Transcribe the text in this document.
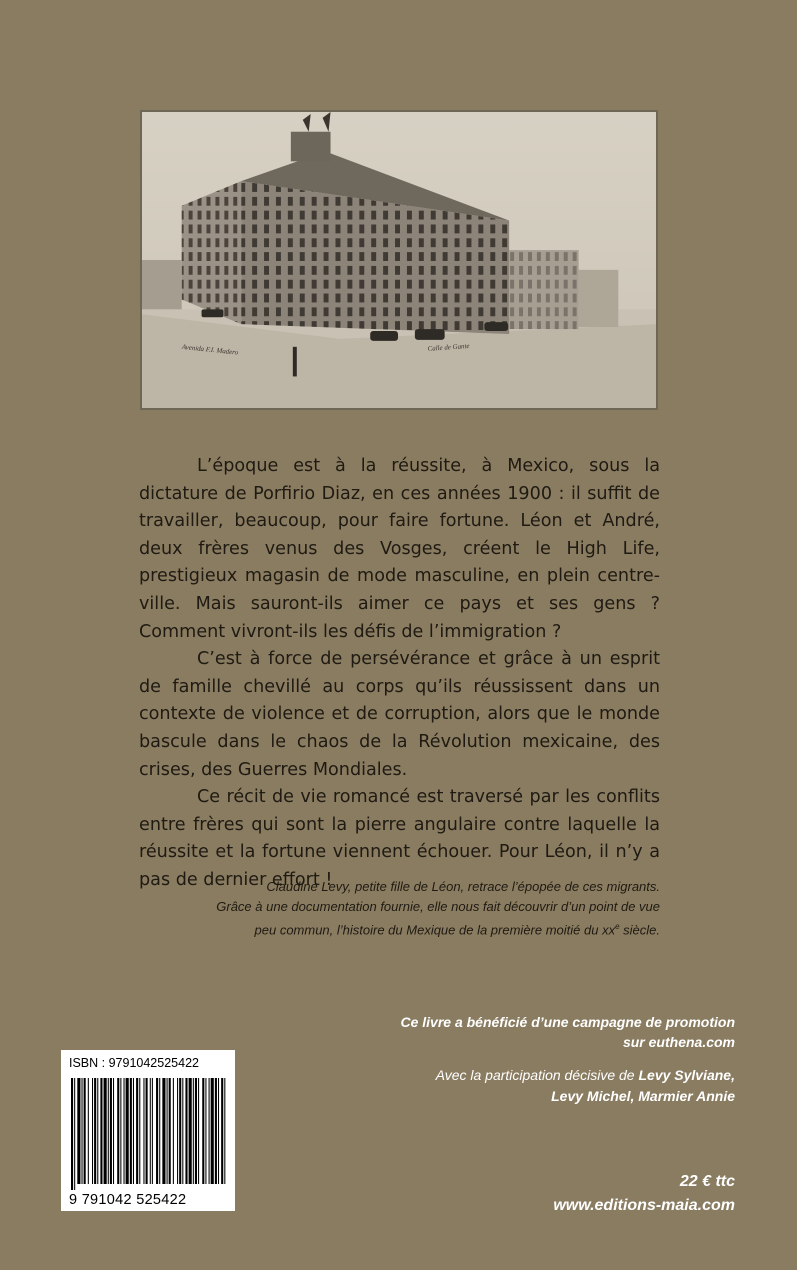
Avenida F.I. Madero	Calle de Gante

L’époque est à la réussite, à Mexico, sous la dictature de Porfirio Diaz, en ces années 1900 : il suffit de travailler, beaucoup, pour faire fortune. Léon et André, deux frères venus des Vosges, créent le High Life, prestigieux magasin de mode masculine, en plein centre-ville. Mais sauront-ils aimer ce pays et ses gens ? Comment vivront-ils les défis de l’immigration ?

C’est à force de persévérance et grâce à un esprit de famille chevillé au corps qu’ils réussissent dans un contexte de violence et de corruption, alors que le monde bascule dans le chaos de la Révolution mexicaine, des crises, des Guerres Mondiales.

Ce récit de vie romancé est traversé par les conflits entre frères qui sont la pierre angulaire contre laquelle la réussite et la fortune viennent échouer. Pour Léon, il n’y a pas de dernier effort !

Claudine Levy, petite fille de Léon, retrace l’épopée de ces migrants.
Grâce à une documentation fournie, elle nous fait découvrir d’un point de vue
peu commun, l’histoire du Mexique de la première moitié du $xx^e$ siècle.
Ce livre a bénéficié d’une campagne de promotion
sur euthena.com
Avec la participation décisive de Levy Sylviane,
Levy Michel, Marmier Annie
22 € ttc
www.editions-maia.com
ISBN : 9791042525422
9 791042 525422
